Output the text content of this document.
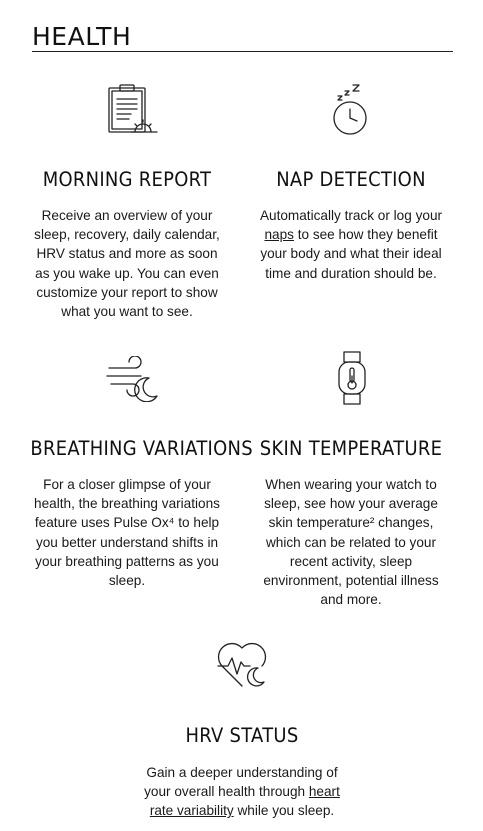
HEALTH
MORNING REPORT

Receive an overview of your
sleep, recovery, daily calendar,
HRV status and more as soon
as you wake up. You can even
customize your report to show
what you want to see.

NAP DETECTION

Automatically track or log your
naps to see how they benefit
your body and what their ideal
time and duration should be.

BREATHING VARIATIONS

For a closer glimpse of your
health, the breathing variations
feature uses Pulse Ox⁴ to help
you better understand shifts in
your breathing patterns as you
sleep.

SKIN TEMPERATURE

When wearing your watch to
sleep, see how your average
skin temperature² changes,
which can be related to your
recent activity, sleep
environment, potential illness
and more.

HRV STATUS

Gain a deeper understanding of
your overall health through heart
rate variability while you sleep.
